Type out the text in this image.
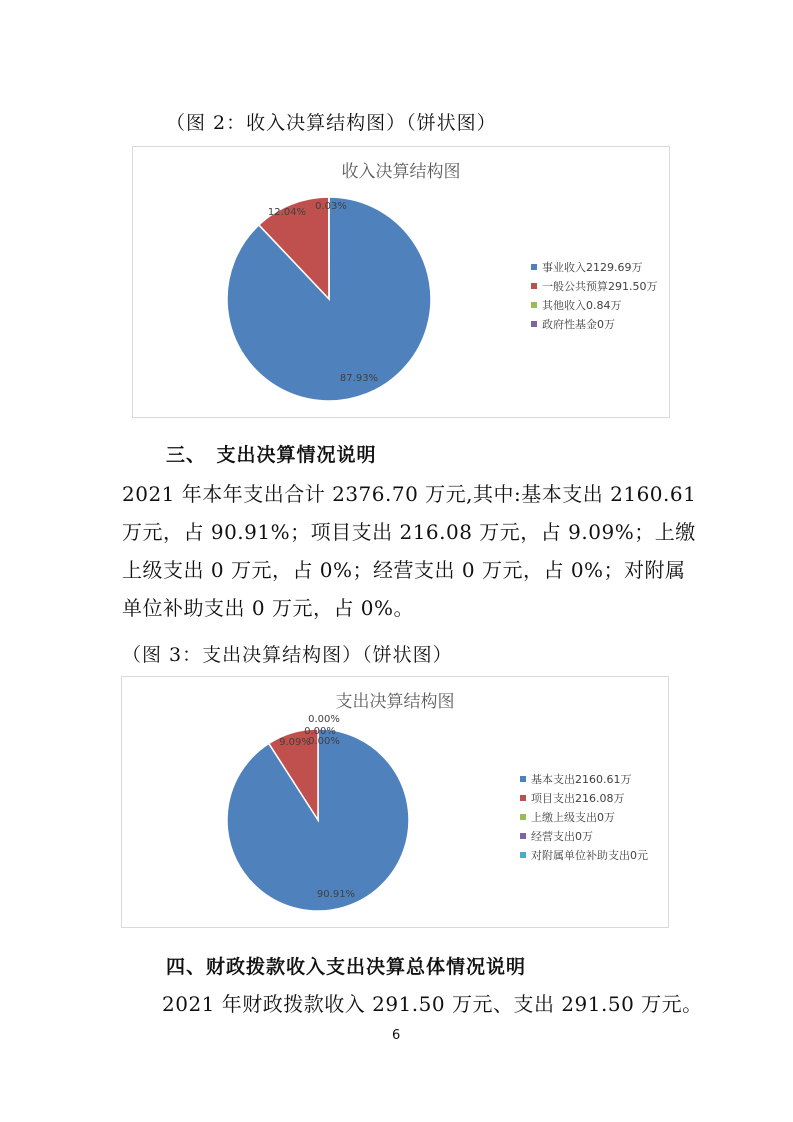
（图 2：收入决算结构图）（饼状图）
收入决算结构图
87.93%
12.04%
0.03%
事业收入2129.69万
一般公共预算291.50万
其他收入0.84万
政府性基金0万
三、　支出决算情况说明
2021 年本年支出合计 2376.70 万元,其中:基本支出 2160.61
万元，占 90.91%；项目支出 216.08 万元，占 9.09%；上缴
上级支出 0 万元，占 0%；经营支出 0 万元，占 0%；对附属
单位补助支出 0 万元，占 0%。
（图 3：支出决算结构图）（饼状图）
支出决算结构图
90.91%
9.09%
0.00%
0.00%
0.00%
基本支出2160.61万
项目支出216.08万
上缴上级支出0万
经营支出0万
对附属单位补助支出0元
四、财政拨款收入支出决算总体情况说明
2021 年财政拨款收入 291.50 万元、支出 291.50 万元。
6
